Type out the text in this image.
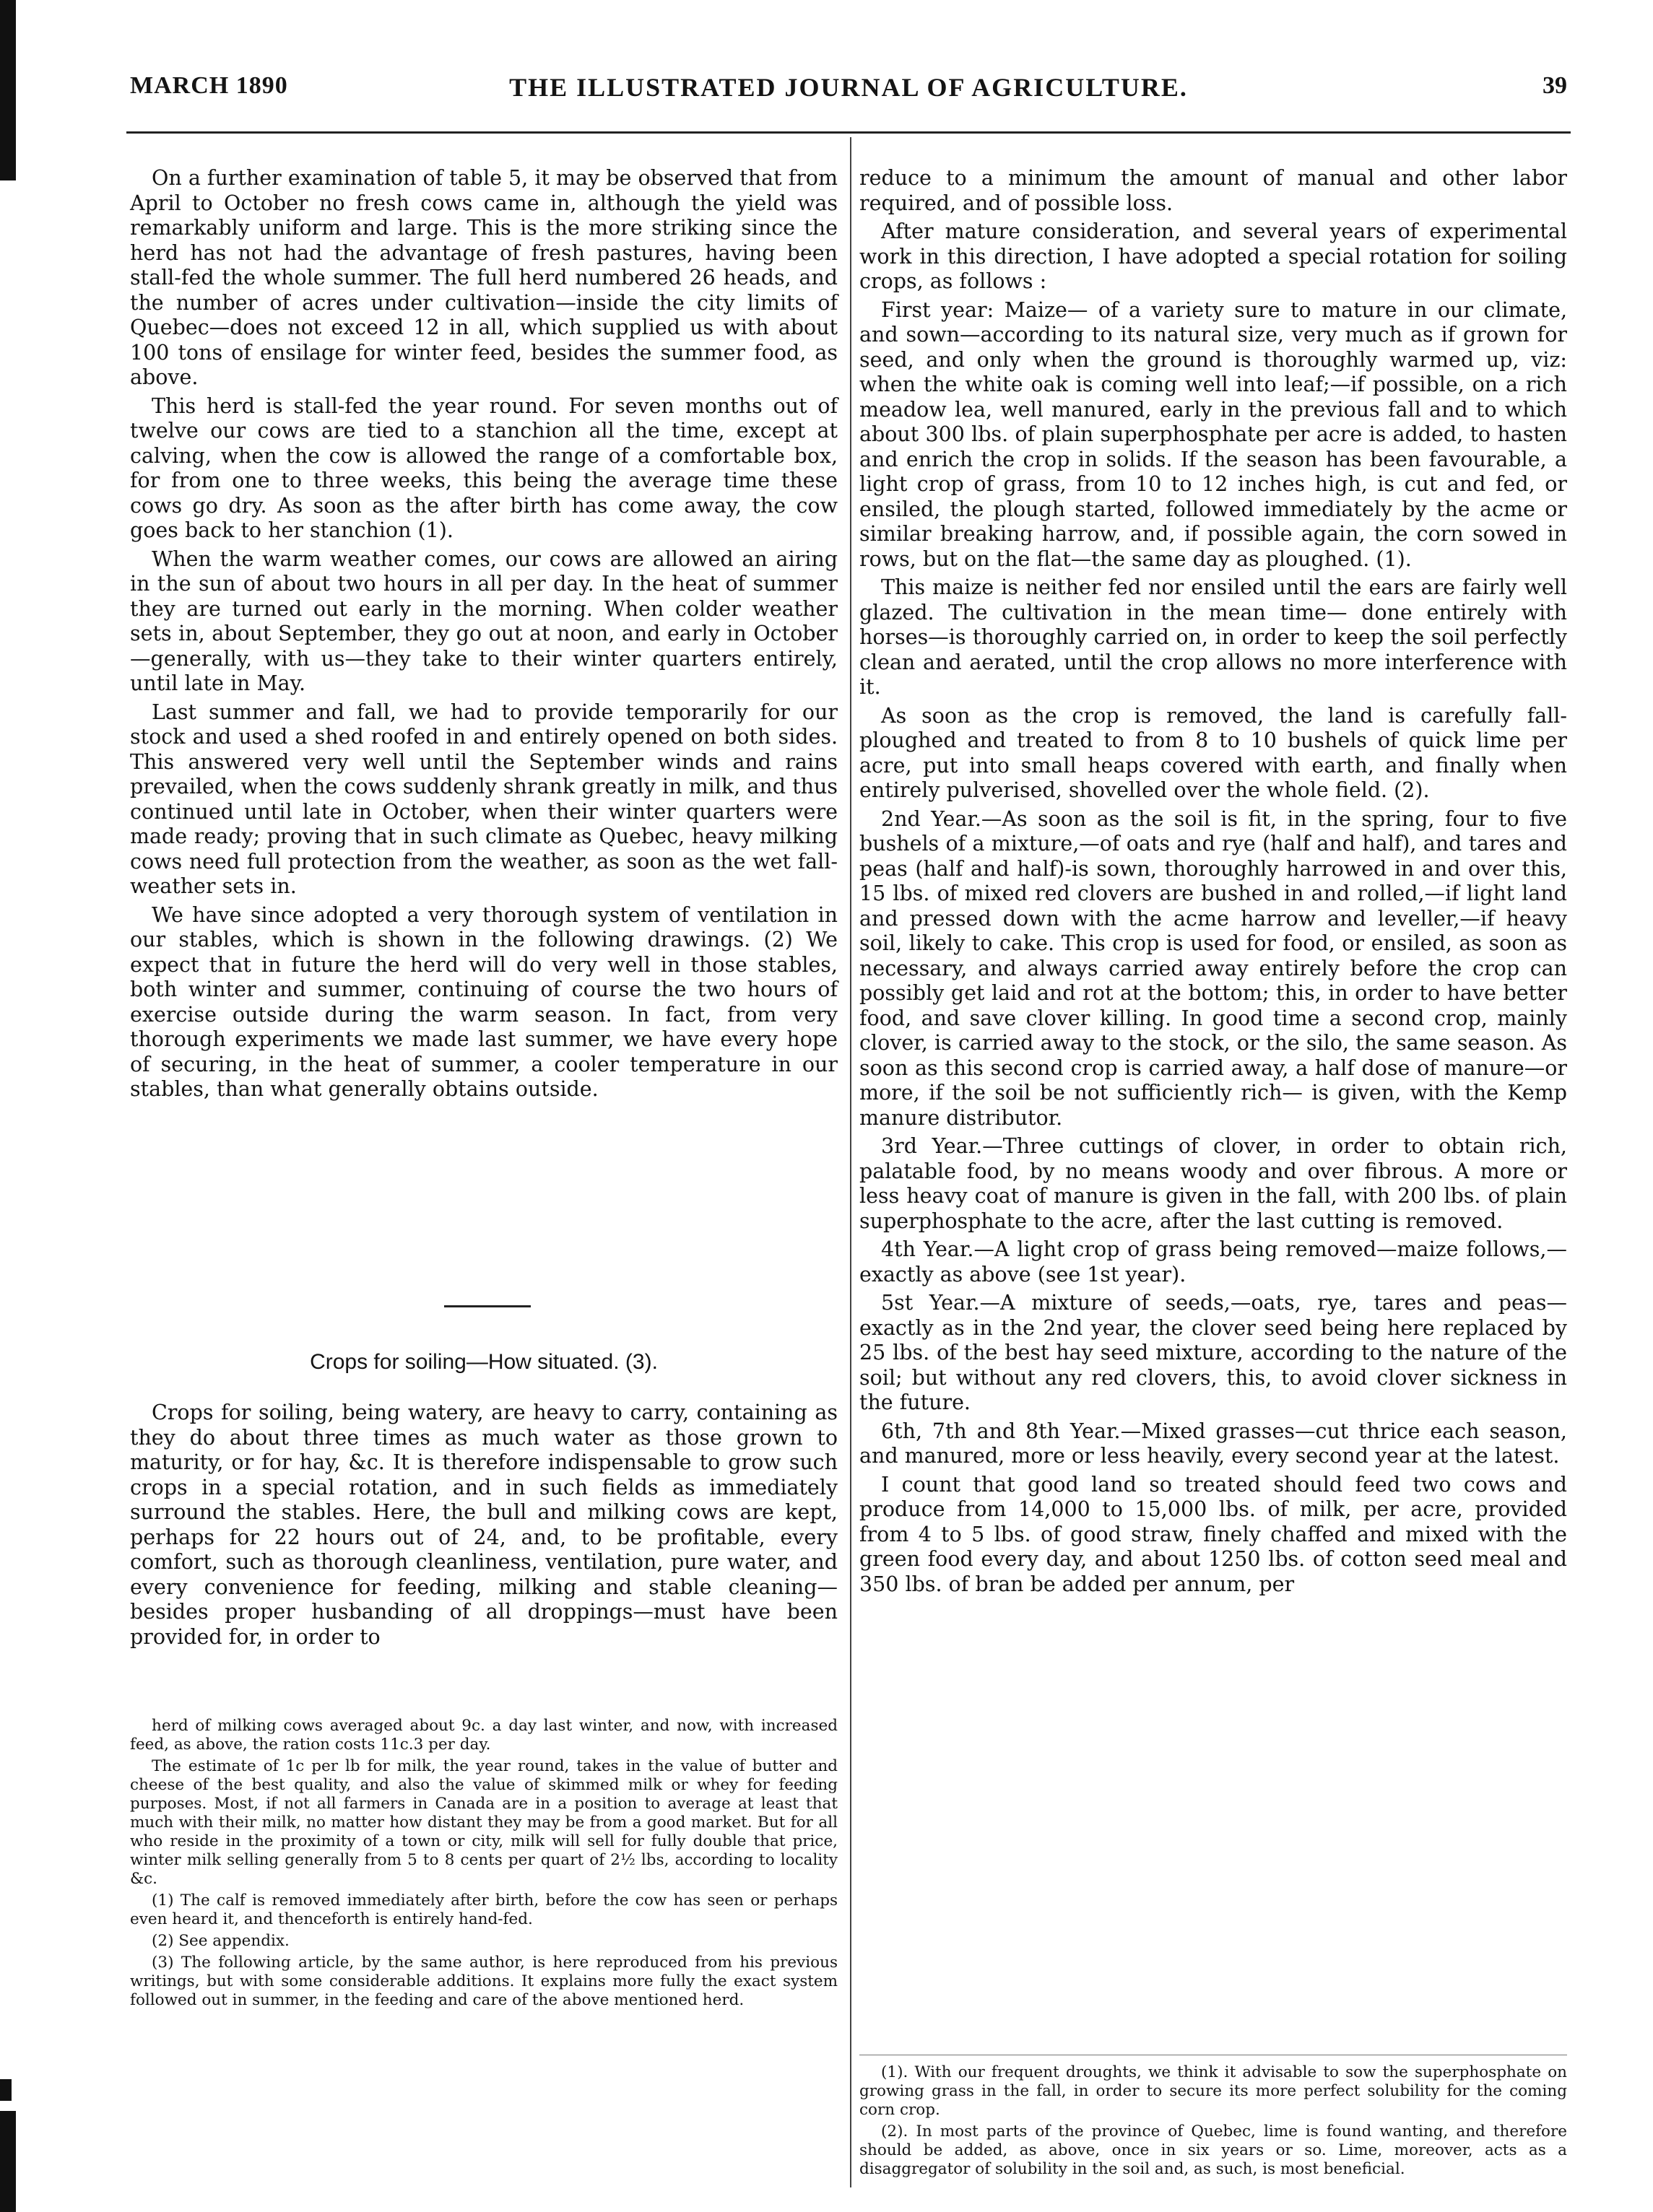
MARCH 1890	THE ILLUSTRATED JOURNAL OF AGRICULTURE.	39

On a further examination of table 5, it may be observed that from April to October no fresh cows came in, although the yield was remarkably uniform and large. This is the more striking since the herd has not had the advantage of fresh pastures, having been stall-fed the whole summer. The full herd numbered 26 heads, and the number of acres under cultivation—inside the city limits of Quebec—does not exceed 12 in all, which supplied us with about 100 tons of ensilage for winter feed, besides the summer food, as above.

This herd is stall-fed the year round. For seven months out of twelve our cows are tied to a stanchion all the time, except at calving, when the cow is allowed the range of a comfortable box, for from one to three weeks, this being the average time these cows go dry. As soon as the after birth has come away, the cow goes back to her stanchion (1).

When the warm weather comes, our cows are allowed an airing in the sun of about two hours in all per day. In the heat of summer they are turned out early in the morning. When colder weather sets in, about September, they go out at noon, and early in October—generally, with us—they take to their winter quarters entirely, until late in May.

Last summer and fall, we had to provide temporarily for our stock and used a shed roofed in and entirely opened on both sides. This answered very well until the September winds and rains prevailed, when the cows suddenly shrank greatly in milk, and thus continued until late in October, when their winter quarters were made ready; proving that in such climate as Quebec, heavy milking cows need full protection from the weather, as soon as the wet fall-weather sets in.

We have since adopted a very thorough system of ventilation in our stables, which is shown in the following drawings. (2) We expect that in future the herd will do very well in those stables, both winter and summer, continuing of course the two hours of exercise outside during the warm season. In fact, from very thorough experiments we made last summer, we have every hope of securing, in the heat of summer, a cooler temperature in our stables, than what generally obtains outside.

Crops for soiling—How situated. (3).

Crops for soiling, being watery, are heavy to carry, containing as they do about three times as much water as those grown to maturity, or for hay, &c. It is therefore indispensable to grow such crops in a special rotation, and in such fields as immediately surround the stables. Here, the bull and milking cows are kept, perhaps for 22 hours out of 24, and, to be profitable, every comfort, such as thorough cleanliness, ventilation, pure water, and every convenience for feeding, milking and stable cleaning— besides proper husbanding of all droppings—must have been provided for, in order to

herd of milking cows averaged about 9c. a day last winter, and now, with increased feed, as above, the ration costs 11c.3 per day.

The estimate of 1c per lb for milk, the year round, takes in the value of butter and cheese of the best quality, and also the value of skimmed milk or whey for feeding purposes. Most, if not all farmers in Canada are in a position to average at least that much with their milk, no matter how distant they may be from a good market. But for all who reside in the proximity of a town or city, milk will sell for fully double that price, winter milk selling generally from 5 to 8 cents per quart of 2½ lbs, according to locality &c.

(1) The calf is removed immediately after birth, before the cow has seen or perhaps even heard it, and thenceforth is entirely hand-fed.

(2) See appendix.

(3) The following article, by the same author, is here reproduced from his previous writings, but with some considerable additions. It explains more fully the exact system followed out in summer, in the feeding and care of the above mentioned herd.

reduce to a minimum the amount of manual and other labor required, and of possible loss.

After mature consideration, and several years of experimental work in this direction, I have adopted a special rotation for soiling crops, as follows :

First year: Maize— of a variety sure to mature in our climate, and sown—according to its natural size, very much as if grown for seed, and only when the ground is thoroughly warmed up, viz: when the white oak is coming well into leaf;—if possible, on a rich meadow lea, well manured, early in the previous fall and to which about 300 lbs. of plain superphosphate per acre is added, to hasten and enrich the crop in solids. If the season has been favourable, a light crop of grass, from 10 to 12 inches high, is cut and fed, or ensiled, the plough started, followed immediately by the acme or similar breaking harrow, and, if possible again, the corn sowed in rows, but on the flat—the same day as ploughed. (1).

This maize is neither fed nor ensiled until the ears are fairly well glazed. The cultivation in the mean time— done entirely with horses—is thoroughly carried on, in order to keep the soil perfectly clean and aerated, until the crop allows no more interference with it.

As soon as the crop is removed, the land is carefully fall-ploughed and treated to from 8 to 10 bushels of quick lime per acre, put into small heaps covered with earth, and finally when entirely pulverised, shovelled over the whole field. (2).

2nd Year.—As soon as the soil is fit, in the spring, four to five bushels of a mixture,—of oats and rye (half and half), and tares and peas (half and half)-is sown, thoroughly harrowed in and over this, 15 lbs. of mixed red clovers are bushed in and rolled,—if light land and pressed down with the acme harrow and leveller,—if heavy soil, likely to cake. This crop is used for food, or ensiled, as soon as necessary, and always carried away entirely before the crop can possibly get laid and rot at the bottom; this, in order to have better food, and save clover killing. In good time a second crop, mainly clover, is carried away to the stock, or the silo, the same season. As soon as this second crop is carried away, a half dose of manure—or more, if the soil be not sufficiently rich— is given, with the Kemp manure distributor.

3rd Year.—Three cuttings of clover, in order to obtain rich, palatable food, by no means woody and over fibrous. A more or less heavy coat of manure is given in the fall, with 200 lbs. of plain superphosphate to the acre, after the last cutting is removed.

4th Year.—A light crop of grass being removed—maize follows,—exactly as above (see 1st year).

5st Year.—A mixture of seeds,—oats, rye, tares and peas— exactly as in the 2nd year, the clover seed being here replaced by 25 lbs. of the best hay seed mixture, according to the nature of the soil; but without any red clovers, this, to avoid clover sickness in the future.

6th, 7th and 8th Year.—Mixed grasses—cut thrice each season, and manured, more or less heavily, every second year at the latest.

I count that good land so treated should feed two cows and produce from 14,000 to 15,000 lbs. of milk, per acre, provided from 4 to 5 lbs. of good straw, finely chaffed and mixed with the green food every day, and about 1250 lbs. of cotton seed meal and 350 lbs. of bran be added per annum, per

(1). With our frequent droughts, we think it advisable to sow the superphosphate on growing grass in the fall, in order to secure its more perfect solubility for the coming corn crop.

(2). In most parts of the province of Quebec, lime is found wanting, and therefore should be added, as above, once in six years or so. Lime, moreover, acts as a disaggregator of solubility in the soil and, as such, is most beneficial.
